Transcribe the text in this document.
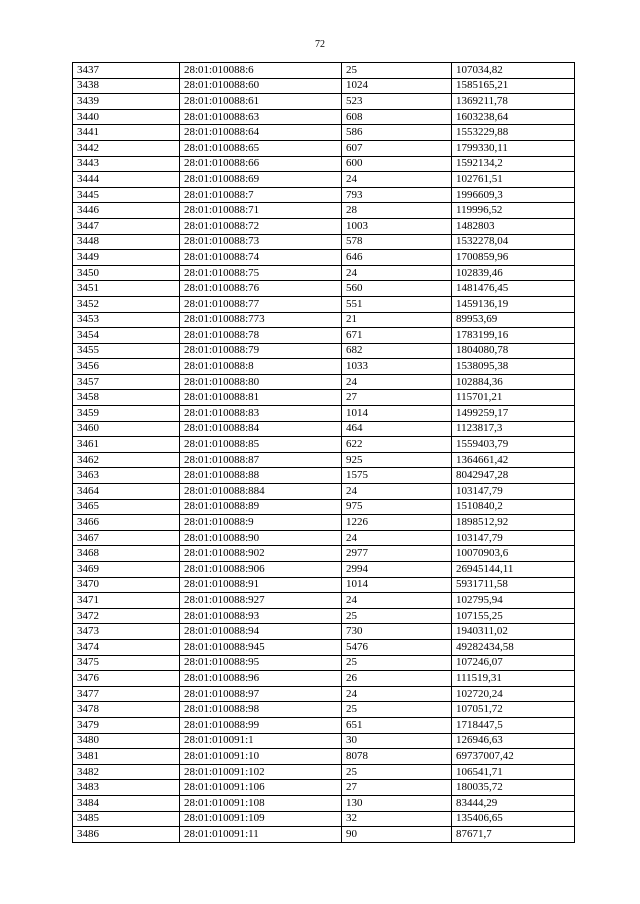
72
3437	28:01:010088:6	25	107034,82
3438	28:01:010088:60	1024	1585165,21
3439	28:01:010088:61	523	1369211,78
3440	28:01:010088:63	608	1603238,64
3441	28:01:010088:64	586	1553229,88
3442	28:01:010088:65	607	1799330,11
3443	28:01:010088:66	600	1592134,2
3444	28:01:010088:69	24	102761,51
3445	28:01:010088:7	793	1996609,3
3446	28:01:010088:71	28	119996,52
3447	28:01:010088:72	1003	1482803
3448	28:01:010088:73	578	1532278,04
3449	28:01:010088:74	646	1700859,96
3450	28:01:010088:75	24	102839,46
3451	28:01:010088:76	560	1481476,45
3452	28:01:010088:77	551	1459136,19
3453	28:01:010088:773	21	89953,69
3454	28:01:010088:78	671	1783199,16
3455	28:01:010088:79	682	1804080,78
3456	28:01:010088:8	1033	1538095,38
3457	28:01:010088:80	24	102884,36
3458	28:01:010088:81	27	115701,21
3459	28:01:010088:83	1014	1499259,17
3460	28:01:010088:84	464	1123817,3
3461	28:01:010088:85	622	1559403,79
3462	28:01:010088:87	925	1364661,42
3463	28:01:010088:88	1575	8042947,28
3464	28:01:010088:884	24	103147,79
3465	28:01:010088:89	975	1510840,2
3466	28:01:010088:9	1226	1898512,92
3467	28:01:010088:90	24	103147,79
3468	28:01:010088:902	2977	10070903,6
3469	28:01:010088:906	2994	26945144,11
3470	28:01:010088:91	1014	5931711,58
3471	28:01:010088:927	24	102795,94
3472	28:01:010088:93	25	107155,25
3473	28:01:010088:94	730	1940311,02
3474	28:01:010088:945	5476	49282434,58
3475	28:01:010088:95	25	107246,07
3476	28:01:010088:96	26	111519,31
3477	28:01:010088:97	24	102720,24
3478	28:01:010088:98	25	107051,72
3479	28:01:010088:99	651	1718447,5
3480	28:01:010091:1	30	126946,63
3481	28:01:010091:10	8078	69737007,42
3482	28:01:010091:102	25	106541,71
3483	28:01:010091:106	27	180035,72
3484	28:01:010091:108	130	83444,29
3485	28:01:010091:109	32	135406,65
3486	28:01:010091:11	90	87671,7
